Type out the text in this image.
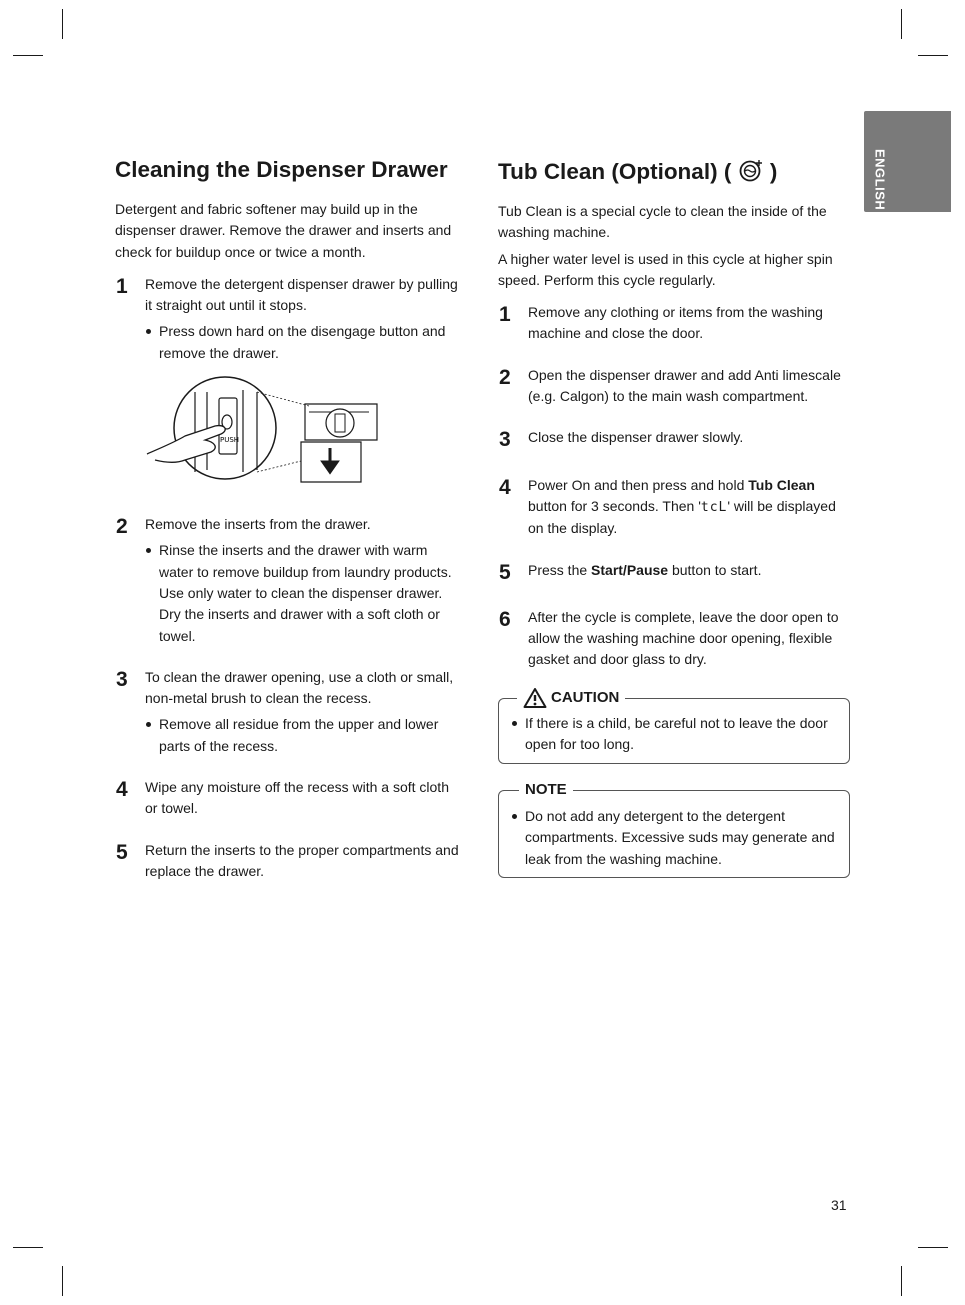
ENGLISH
Cleaning the Dispenser Drawer

Detergent and fabric softener may build up in the dispenser drawer. Remove the drawer and inserts and check for buildup once or twice a month.

1 Remove the detergent dispenser drawer by pulling it straight out until it stops.

Press down hard on the disengage button and remove the drawer.
PUSH
2 Remove the inserts from the drawer.

Rinse the inserts and the drawer with warm water to remove buildup from laundry products. Use only water to clean the dispenser drawer. Dry the inserts and drawer with a soft cloth or towel.
3 To clean the drawer opening, use a cloth or small, non-metal brush to clean the recess.

Remove all residue from the upper and lower parts of the recess.
4 Wipe any moisture off the recess with a soft cloth or towel.

5 Return the inserts to the proper compartments and replace the drawer.

Tub Clean (Optional) ( )

Tub Clean is a special cycle to clean the inside of the washing machine.

A higher water level is used in this cycle at higher spin speed. Perform this cycle regularly.

1 Remove any clothing or items from the washing machine and close the door.

2 Open the dispenser drawer and add Anti limescale (e.g. Calgon) to the main wash compartment.

3 Close the dispenser drawer slowly.

4 Power On and then press and hold Tub Clean button for 3 seconds. Then 'tcL' will be displayed on the display.

5 Press the Start/Pause button to start.

6 After the cycle is complete, leave the door open to allow the washing machine door opening, flexible gasket and door glass to dry.

CAUTION
If there is a child, be careful not to leave the door open for too long.
NOTE
Do not add any detergent to the detergent compartments. Excessive suds may generate and leak from the washing machine.
31
